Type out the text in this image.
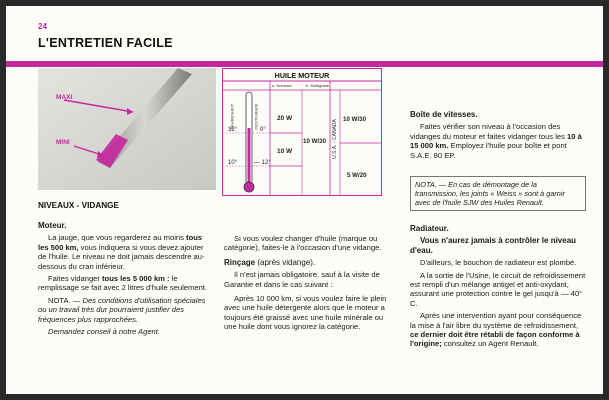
24
L'ENTRETIEN FACILE
MAXI
MINI
HUILE MOTEUR
a. Normale	b. Multigrade
FAHRENHEIT	CENTIGRADE
U.S.A. - CANADA
32°	0°
10°	— 12°
20 W
10 W
10 W/30
10 W/30
5 W/20
NIVEAUX - VIDANGE

Moteur.

La jauge, que vous regarderez au moins tous les 500 km, vous indiquera si vous devez ajouter de l'huile. Le niveau ne doit jamais descendre au-dessous du cran inférieur.

Faites vidanger tous les 5 000 km : le remplissage se fait avec 2 litres d'huile seulement.

NOTA. — Des conditions d'utilisation spéciales ou un travail très dur pourraient justifier des fréquences plus rapprochées.

Demandez conseil à notre Agent.

Si vous voulez changer d'huile (marque ou catégorie), faites-le à l'occasion d'une vidange.

Rinçage (après vidange).

Il n'est jamais obligatoire, sauf à la visite de Garantie et dans le cas suivant :

Après 10 000 km, si vous voulez faire le plein avec une huile détergente alors que le moteur a toujours été graissé avec une huile minérale ou une huile dont vous ignorez la catégorie.

Boîte de vitesses.

Faites vérifier son niveau à l'occasion des vidanges du moteur et faites vidanger tous les 10 à 15 000 km. Employez l'huile pour boîte et pont S.A.E. 80 EP.

NOTA. — En cas de démontage de la transmission, les joints « Weiss » sont à garnir avec de l'huile SJW des Huiles Renault.

Radiateur.

Vous n'aurez jamais à contrôler le niveau d'eau.

D'ailleurs, le bouchon de radiateur est plombé.

A la sortie de l'Usine, le circuit de refroidissement est rempli d'un mélange antigel et anti-oxydant, assurant une protection contre le gel jusqu'à — 40° C.

Après une intervention ayant pour conséquence la mise à l'air libre du système de refroidissement, ce dernier doit être rétabli de façon conforme à l'origine; consultez un Agent Renault.
